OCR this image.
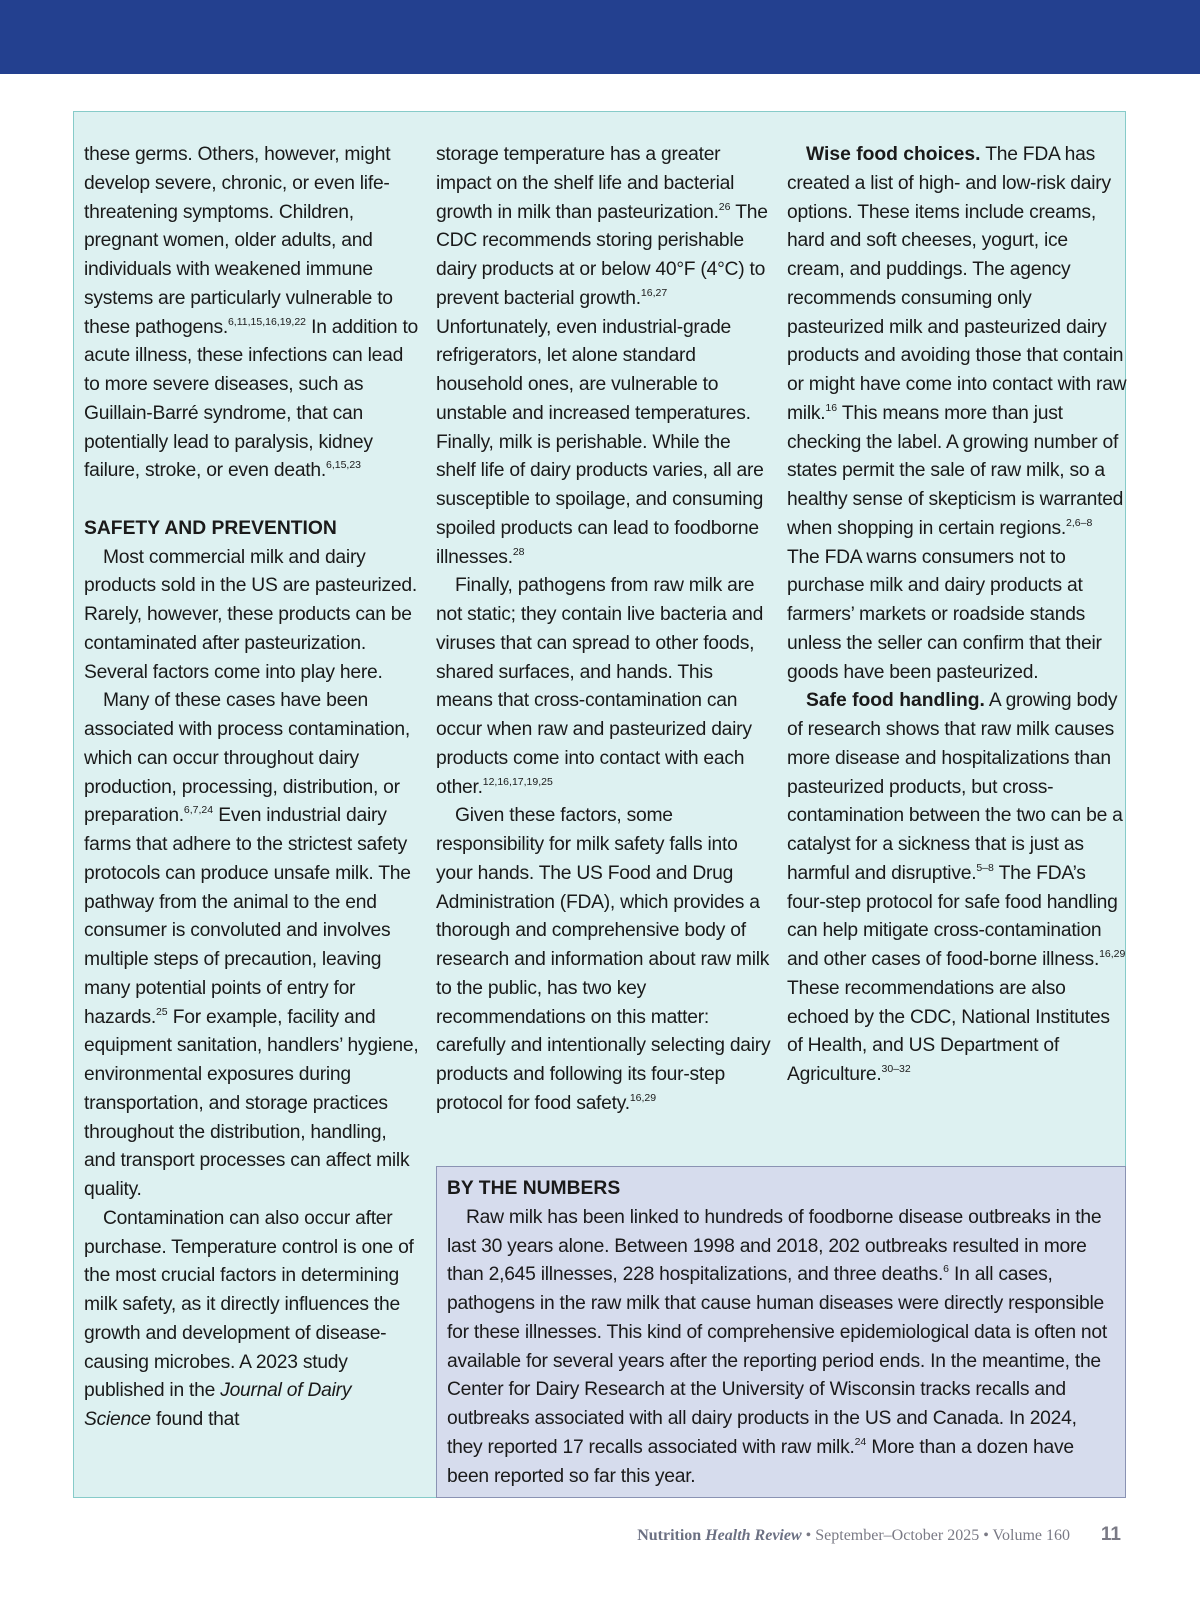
these germs. Others, however, might develop severe, chronic, or even life-threatening symptoms. Children, pregnant women, older adults, and individuals with weakened immune systems are particularly vulnerable to these pathogens.$^{6,11,15,16,19,22}$ In addition to acute illness, these infections can lead to more severe diseases, such as Guillain-Barré syndrome, that can potentially lead to paralysis, kidney failure, stroke, or even death.$^{6,15,23}$

SAFETY AND PREVENTION

Most commercial milk and dairy products sold in the US are pasteurized. Rarely, however, these products can be contaminated after pasteurization. Several factors come into play here.

Many of these cases have been associated with process contamination, which can occur throughout dairy production, processing, distribution, or preparation.$^{6,7,24}$ Even industrial dairy farms that adhere to the strictest safety protocols can produce unsafe milk. The pathway from the animal to the end consumer is convoluted and involves multiple steps of precaution, leaving many potential points of entry for hazards.$^{25}$ For example, facility and equipment sanitation, handlers’ hygiene, environmental exposures during transportation, and storage practices throughout the distribution, handling, and transport processes can affect milk quality.

Contamination can also occur after purchase. Temperature control is one of the most crucial factors in determining milk safety, as it directly influences the growth and development of disease-causing microbes. A 2023 study published in the Journal of Dairy Science found that

storage temperature has a greater impact on the shelf life and bacterial growth in milk than pasteurization.$^{26}$ The CDC recommends storing perishable dairy products at or below 40°F (4°C) to prevent bacterial growth.$^{16,27}$ Unfortunately, even industrial-grade refrigerators, let alone standard household ones, are vulnerable to unstable and increased temperatures. Finally, milk is perishable. While the shelf life of dairy products varies, all are susceptible to spoilage, and consuming spoiled products can lead to foodborne illnesses.$^{28}$

Finally, pathogens from raw milk are not static; they contain live bacteria and viruses that can spread to other foods, shared surfaces, and hands. This means that cross-contamination can occur when raw and pasteurized dairy products come into contact with each other.$^{12,16,17,19,25}$

Given these factors, some responsibility for milk safety falls into your hands. The US Food and Drug Administration (FDA), which provides a thorough and comprehensive body of research and information about raw milk to the public, has two key recommendations on this matter: carefully and intentionally selecting dairy products and following its four-step protocol for food safety.$^{16,29}$

Wise food choices. The FDA has created a list of high- and low-risk dairy options. These items include creams, hard and soft cheeses, yogurt, ice cream, and puddings. The agency recommends consuming only pasteurized milk and pasteurized dairy products and avoiding those that contain or might have come into contact with raw milk.$^{16}$ This means more than just checking the label. A growing number of states permit the sale of raw milk, so a healthy sense of skepticism is warranted when shopping in certain regions.$^{2,6-8}$ The FDA warns consumers not to purchase milk and dairy products at farmers’ markets or roadside stands unless the seller can confirm that their goods have been pasteurized.

Safe food handling. A growing body of research shows that raw milk causes more disease and hospitalizations than pasteurized products, but cross-contamination between the two can be a catalyst for a sickness that is just as harmful and disruptive.$^{5-8}$ The FDA’s four-step protocol for safe food handling can help mitigate cross-contamination and other cases of food-borne illness.$^{16,29}$ These recommendations are also echoed by the CDC, National Institutes of Health, and US Department of Agriculture.$^{30-32}$

BY THE NUMBERS

Raw milk has been linked to hundreds of foodborne disease outbreaks in the last 30 years alone. Between 1998 and 2018, 202 outbreaks resulted in more than 2,645 illnesses, 228 hospitalizations, and three deaths.$^6$ In all cases, pathogens in the raw milk that cause human diseases were directly responsible for these illnesses. This kind of comprehensive epidemiological data is often not available for several years after the reporting period ends. In the meantime, the Center for Dairy Research at the University of Wisconsin tracks recalls and outbreaks associated with all dairy products in the US and Canada. In 2024, they reported 17 recalls associated with raw milk.$^{24}$ More than a dozen have been reported so far this year.

Nutrition Health Review • September–October 2025 • Volume 160 11
